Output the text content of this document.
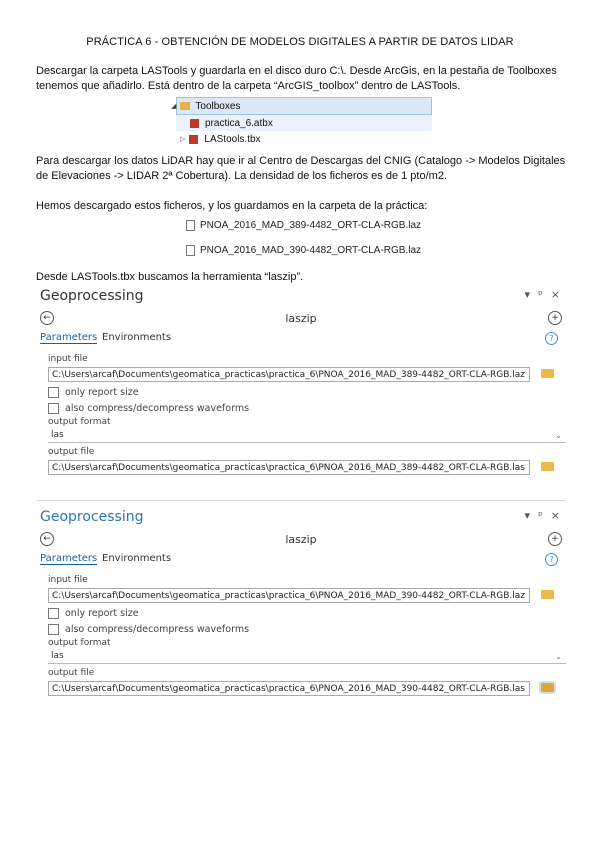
PRÁCTICA 6 - OBTENCIÓN DE MODELOS DIGITALES A PARTIR DE DATOS LIDAR
Descargar la carpeta LASTools y guardarla en el disco duro C:\. Desde ArcGis, en la pestaña de Toolboxes tenemos que añadirlo. Está dentro de la carpeta “ArcGIS_toolbox” dentro de LASTools.
◢ Toolboxes
practica_6.atbx
▷ LAStools.tbx
Para descargar los datos LiDAR hay que ir al Centro de Descargas del CNIG (Catalogo -> Modelos Digitales de Elevaciones -> LIDAR 2ª Cobertura). La densidad de los ficheros es de 1 pto/m2.
Hemos descargado estos ficheros, y los guardamos en la carpeta de la práctica:
PNOA_2016_MAD_389-4482_ORT-CLA-RGB.laz
PNOA_2016_MAD_390-4482_ORT-CLA-RGB.laz
Desde LASTools.tbx buscamos la herramienta “laszip”.
Geoprocessing	▾ ᵖ ×
←	laszip	+
Parameters Environments	?
input file
C:\Users\arcaf\Documents\geomatica_practicas\practica_6\PNOA_2016_MAD_389-4482_ORT-CLA-RGB.laz
only report size
also compress/decompress waveforms
output format
las	⌄
output file
C:\Users\arcaf\Documents\geomatica_practicas\practica_6\PNOA_2016_MAD_389-4482_ORT-CLA-RGB.las
Geoprocessing	▾ ᵖ ×
←	laszip	+
Parameters Environments	?
input file
C:\Users\arcaf\Documents\geomatica_practicas\practica_6\PNOA_2016_MAD_390-4482_ORT-CLA-RGB.laz
only report size
also compress/decompress waveforms
output format
las	⌄
output file
C:\Users\arcaf\Documents\geomatica_practicas\practica_6\PNOA_2016_MAD_390-4482_ORT-CLA-RGB.las
